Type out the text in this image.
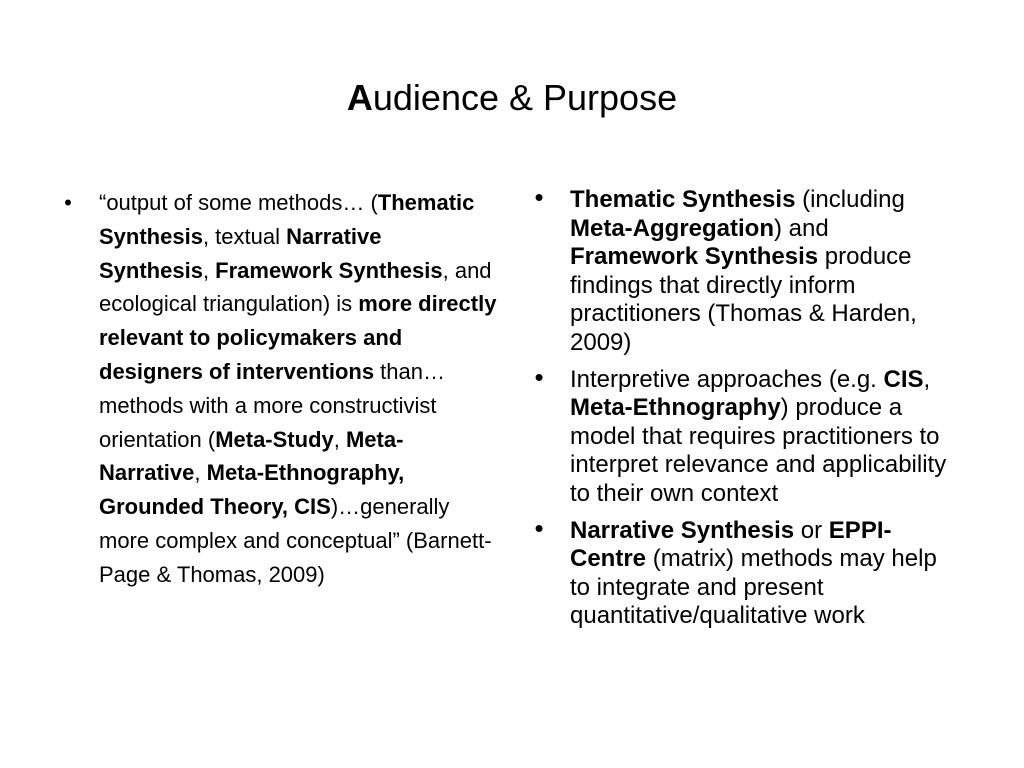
Audience & Purpose
•	“output of some methods… (Thematic Synthesis, textual Narrative Synthesis, Framework Synthesis, and ecological triangulation) is more directly relevant to policymakers and designers of interventions than… methods with a more constructivist orientation (Meta-Study, Meta-Narrative, Meta-Ethnography, Grounded Theory, CIS)…generally more complex and conceptual” (Barnett-Page & Thomas, 2009)
• Thematic Synthesis (including Meta-Aggregation) and Framework Synthesis produce findings that directly inform practitioners (Thomas & Harden, 2009)
• Interpretive approaches (e.g. CIS, Meta-Ethnography) produce a model that requires practitioners to interpret relevance and applicability to their own context
• Narrative Synthesis or EPPI-Centre (matrix) methods may help to integrate and present quantitative/qualitative work
